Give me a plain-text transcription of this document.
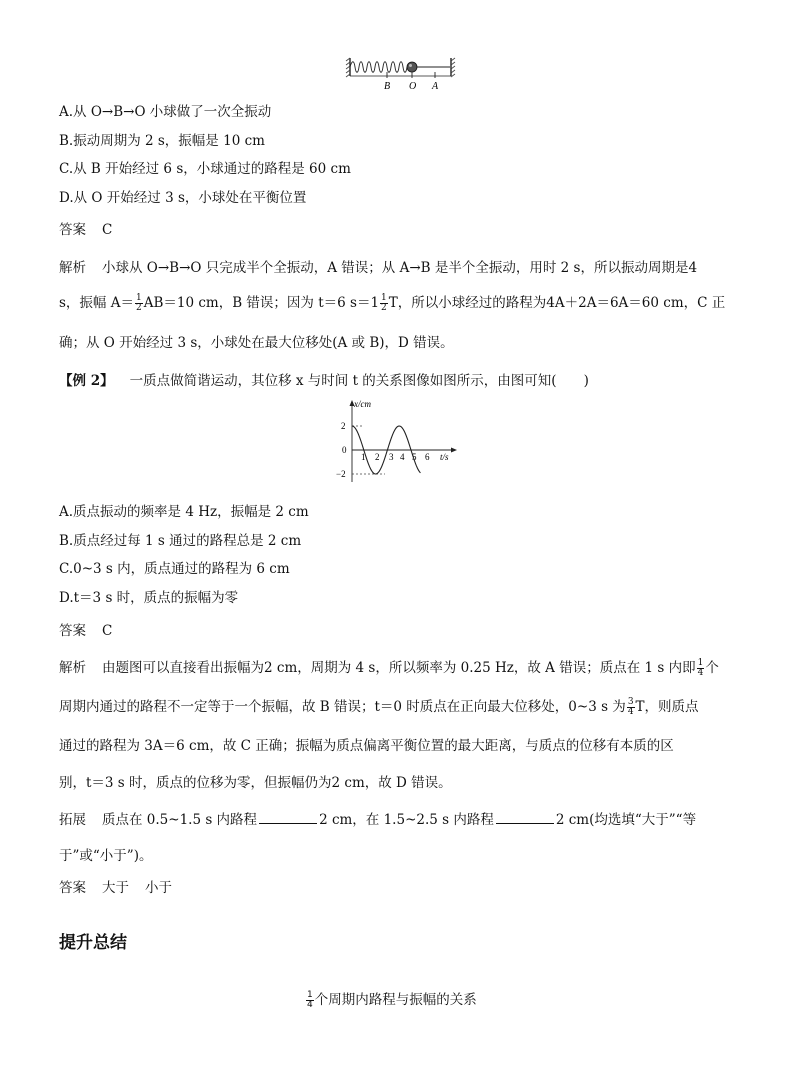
B O A
A.从 O→B→O 小球做了一次全振动
B.振动周期为 2 s，振幅是 10 cm
C.从 B 开始经过 6 s，小球通过的路程是 60 cm
D.从 O 开始经过 3 s，小球处在平衡位置
答案 C
解析 小球从 O→B→O 只完成半个全振动，A 错误；从 A→B 是半个全振动，用时 2 s，所以振动周期是4
s，振幅 $A= \frac{1}{2} AB=10$ cm，B 错误；因为 t＝6 $s=1 \frac{1}{2}$ T，所以小球经过的路程为4A＋2A＝6A＝60 cm，C 正
确；从 O 开始经过 3 s，小球处在最大位移处(A 或 B)，D 错误。
【例 2】 一质点做简谐运动，其位移 x 与时间 t 的关系图像如图所示，由图可知(　　)
x/cm
2
0
−2
1 2 3 4 5 6 t/s
A.质点振动的频率是 4 Hz，振幅是 2 cm
B.质点经过每 1 s 通过的路程总是 2 cm
C.0~3 s 内，质点通过的路程为 6 cm
D.t＝3 s 时，质点的振幅为零
答案 C
解析 由题图可以直接看出振幅为2 cm，周期为 4 s，所以频率为 0.25 Hz，故 A 错误；质点在 1 s 内即 $\frac{1}{4}$ 个
周期内通过的路程不一定等于一个振幅，故 B 错误；t＝0 时质点在正向最大位移处，0~3 s 为 $\frac{3}{4}$ T，则质点
通过的路程为 3A＝6 cm，故 C 正确；振幅为质点偏离平衡位置的最大距离，与质点的位移有本质的区
别，t＝3 s 时，质点的位移为零，但振幅仍为2 cm，故 D 错误。
拓展 质点在 0.5~1.5 s 内路程	2 cm，在 1.5~2.5 s 内路程	2 cm(均选填“大于”“等
于”或“小于”)。
答案 大于 小于
提升总结
$\frac{1}{4}$ 个周期内路程与振幅的关系
